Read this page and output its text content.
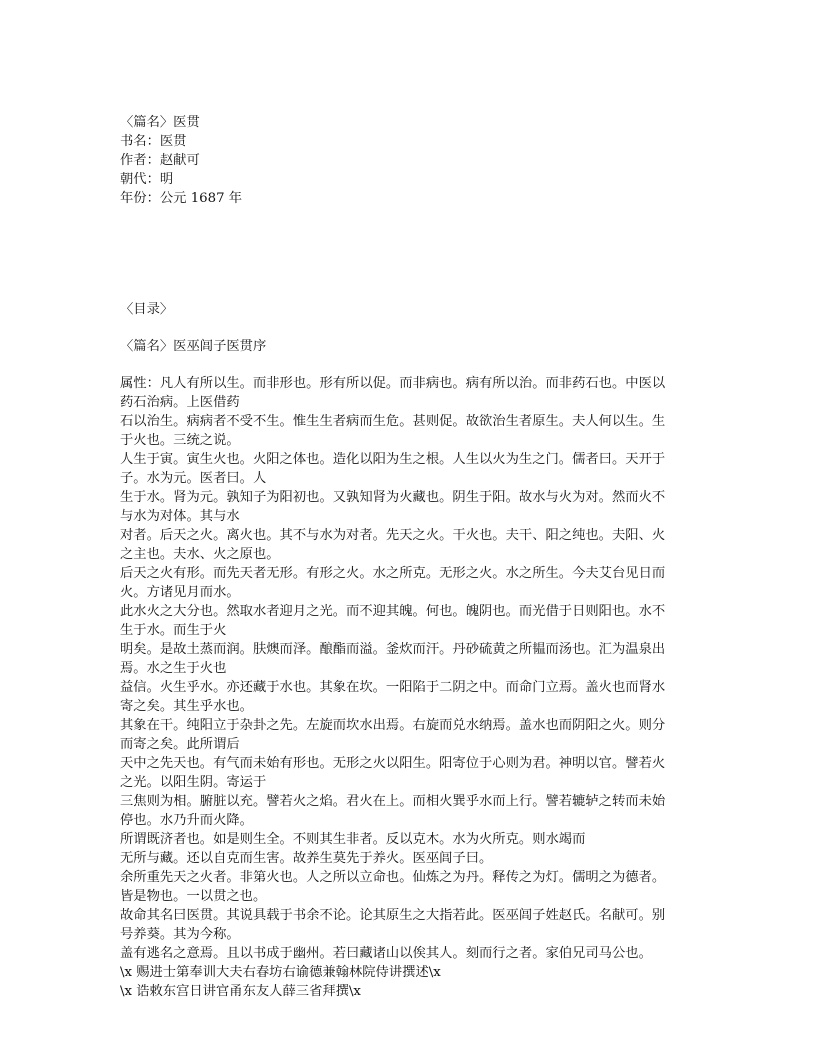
〈篇名〉医贯
书名：医贯
作者：赵献可
朝代：明
年份：公元 1687 年
〈目录〉
〈篇名〉医巫闾子医贯序
属性：凡人有所以生。而非形也。形有所以促。而非病也。病有所以治。而非药石也。中医以
药石治病。上医借药
石以治生。病病者不受不生。惟生生者病而生危。甚则促。故欲治生者原生。夫人何以生。生
于火也。三统之说。
人生于寅。寅生火也。火阳之体也。造化以阳为生之根。人生以火为生之门。儒者曰。天开于
子。水为元。医者曰。人
生于水。肾为元。孰知子为阳初也。又孰知肾为火藏也。阴生于阳。故水与火为对。然而火不
与水为对体。其与水
对者。后天之火。离火也。其不与水为对者。先天之火。干火也。夫干、阳之纯也。夫阳、火
之主也。夫水、火之原也。
后天之火有形。而先天者无形。有形之火。水之所克。无形之火。水之所生。今夫艾台见日而
火。方诸见月而水。
此水火之大分也。然取水者迎月之光。而不迎其魄。何也。魄阴也。而光借于日则阳也。水不
生于水。而生于火
明矣。是故土蒸而润。肤燠而泽。酿酯而溢。釜炊而汗。丹砂硫黄之所韫而汤也。汇为温泉出
焉。水之生于火也
益信。火生乎水。亦还藏于水也。其象在坎。一阳陷于二阴之中。而命门立焉。盖火也而肾水
寄之矣。其生乎水也。
其象在干。纯阳立于杂卦之先。左旋而坎水出焉。右旋而兑水纳焉。盖水也而阴阳之火。则分
而寄之矣。此所谓后
天中之先天也。有气而未始有形也。无形之火以阳生。阳寄位于心则为君。神明以官。譬若火
之光。以阳生阴。寄运于
三焦则为相。腑脏以充。譬若火之焰。君火在上。而相火巽乎水而上行。譬若辘轳之转而未始
停也。水乃升而火降。
所谓既济者也。如是则生全。不则其生非者。反以克木。水为火所克。则水竭而
无所与藏。还以自克而生害。故养生莫先于养火。医巫闾子曰。
余所重先天之火者。非第火也。人之所以立命也。仙炼之为丹。释传之为灯。儒明之为德者。
皆是物也。一以贯之也。
故命其名曰医贯。其说具载于书余不论。论其原生之大指若此。医巫闾子姓赵氏。名献可。别
号养葵。其为今称。
盖有逃名之意焉。且以书成于幽州。若曰藏诸山以俟其人。刻而行之者。家伯兄司马公也。
\x 赐进士第奉训大夫右春坊右谕德兼翰林院侍讲撰述\x
\x 诰敕东宫日讲官甬东友人薛三省拜撰\x
